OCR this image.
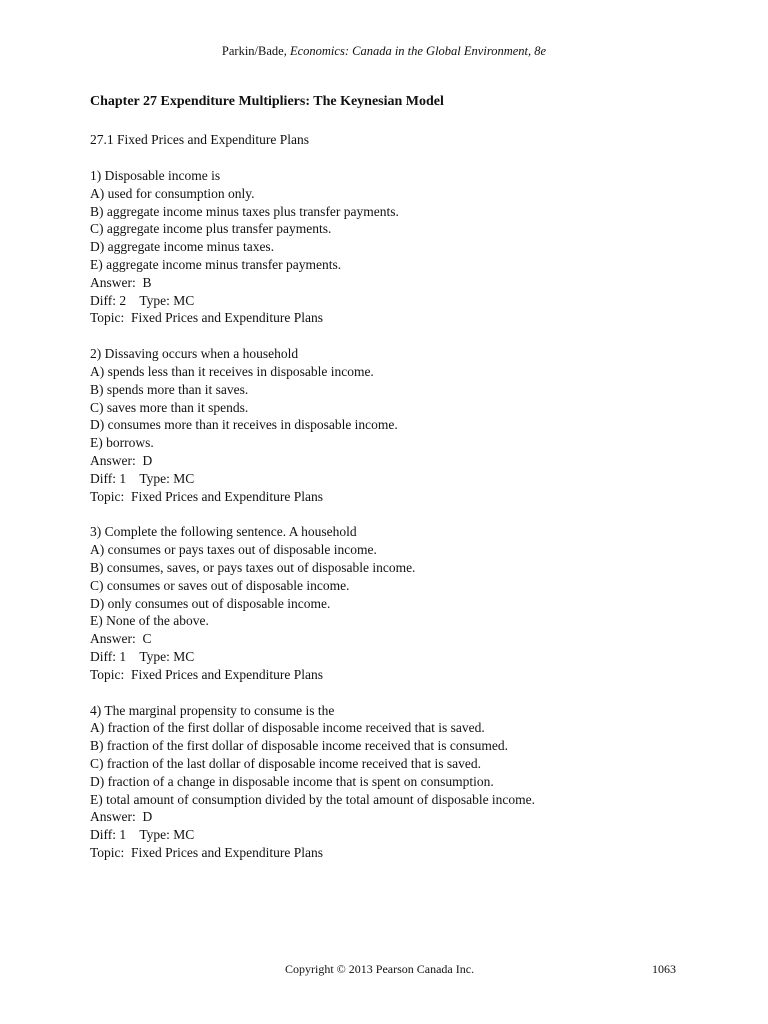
Parkin/Bade, Economics: Canada in the Global Environment, 8e
Chapter 27 Expenditure Multipliers: The Keynesian Model
27.1 Fixed Prices and Expenditure Plans
1) Disposable income is
A) used for consumption only.
B) aggregate income minus taxes plus transfer payments.
C) aggregate income plus transfer payments.
D) aggregate income minus taxes.
E) aggregate income minus transfer payments.
Answer:  B
Diff: 2    Type: MC
Topic:  Fixed Prices and Expenditure Plans
2) Dissaving occurs when a household
A) spends less than it receives in disposable income.
B) spends more than it saves.
C) saves more than it spends.
D) consumes more than it receives in disposable income.
E) borrows.
Answer:  D
Diff: 1    Type: MC
Topic:  Fixed Prices and Expenditure Plans
3) Complete the following sentence. A household
A) consumes or pays taxes out of disposable income.
B) consumes, saves, or pays taxes out of disposable income.
C) consumes or saves out of disposable income.
D) only consumes out of disposable income.
E) None of the above.
Answer:  C
Diff: 1    Type: MC
Topic:  Fixed Prices and Expenditure Plans
4) The marginal propensity to consume is the
A) fraction of the first dollar of disposable income received that is saved.
B) fraction of the first dollar of disposable income received that is consumed.
C) fraction of the last dollar of disposable income received that is saved.
D) fraction of a change in disposable income that is spent on consumption.
E) total amount of consumption divided by the total amount of disposable income.
Answer:  D
Diff: 1    Type: MC
Topic:  Fixed Prices and Expenditure Plans
Copyright © 2013 Pearson Canada Inc.	1063
